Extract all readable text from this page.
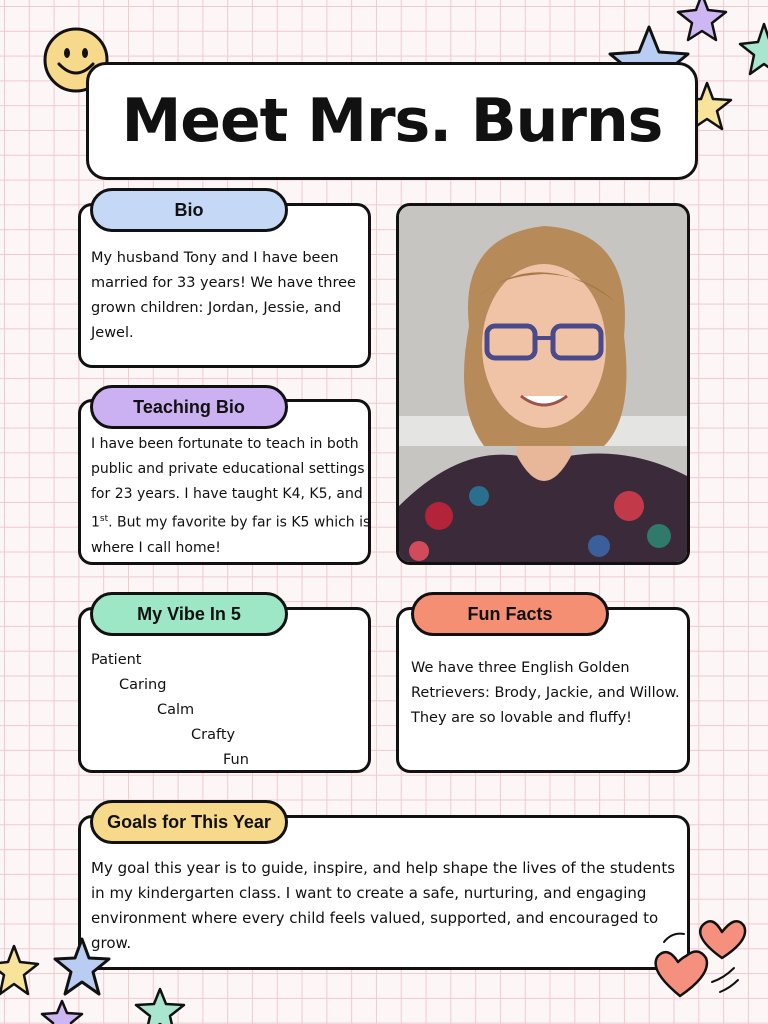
Meet Mrs. Burns
My husband Tony and I have been married for 33 years! We have three grown children: Jordan, Jessie, and Jewel.
Bio
I have been fortunate to teach in both public and private educational settings for 23 years. I have taught K4, K5, and 1st. But my favorite by far is K5 which is where I call home!
Teaching Bio
Patient
Caring
Calm
Crafty
Fun
My Vibe In 5
We have three English Golden Retrievers: Brody, Jackie, and Willow. They are so lovable and fluffy!
Fun Facts
My goal this year is to guide, inspire, and help shape the lives of the students in my kindergarten class. I want to create a safe, nurturing, and engaging environment where every child feels valued, supported, and encouraged to grow.
Goals for This Year
